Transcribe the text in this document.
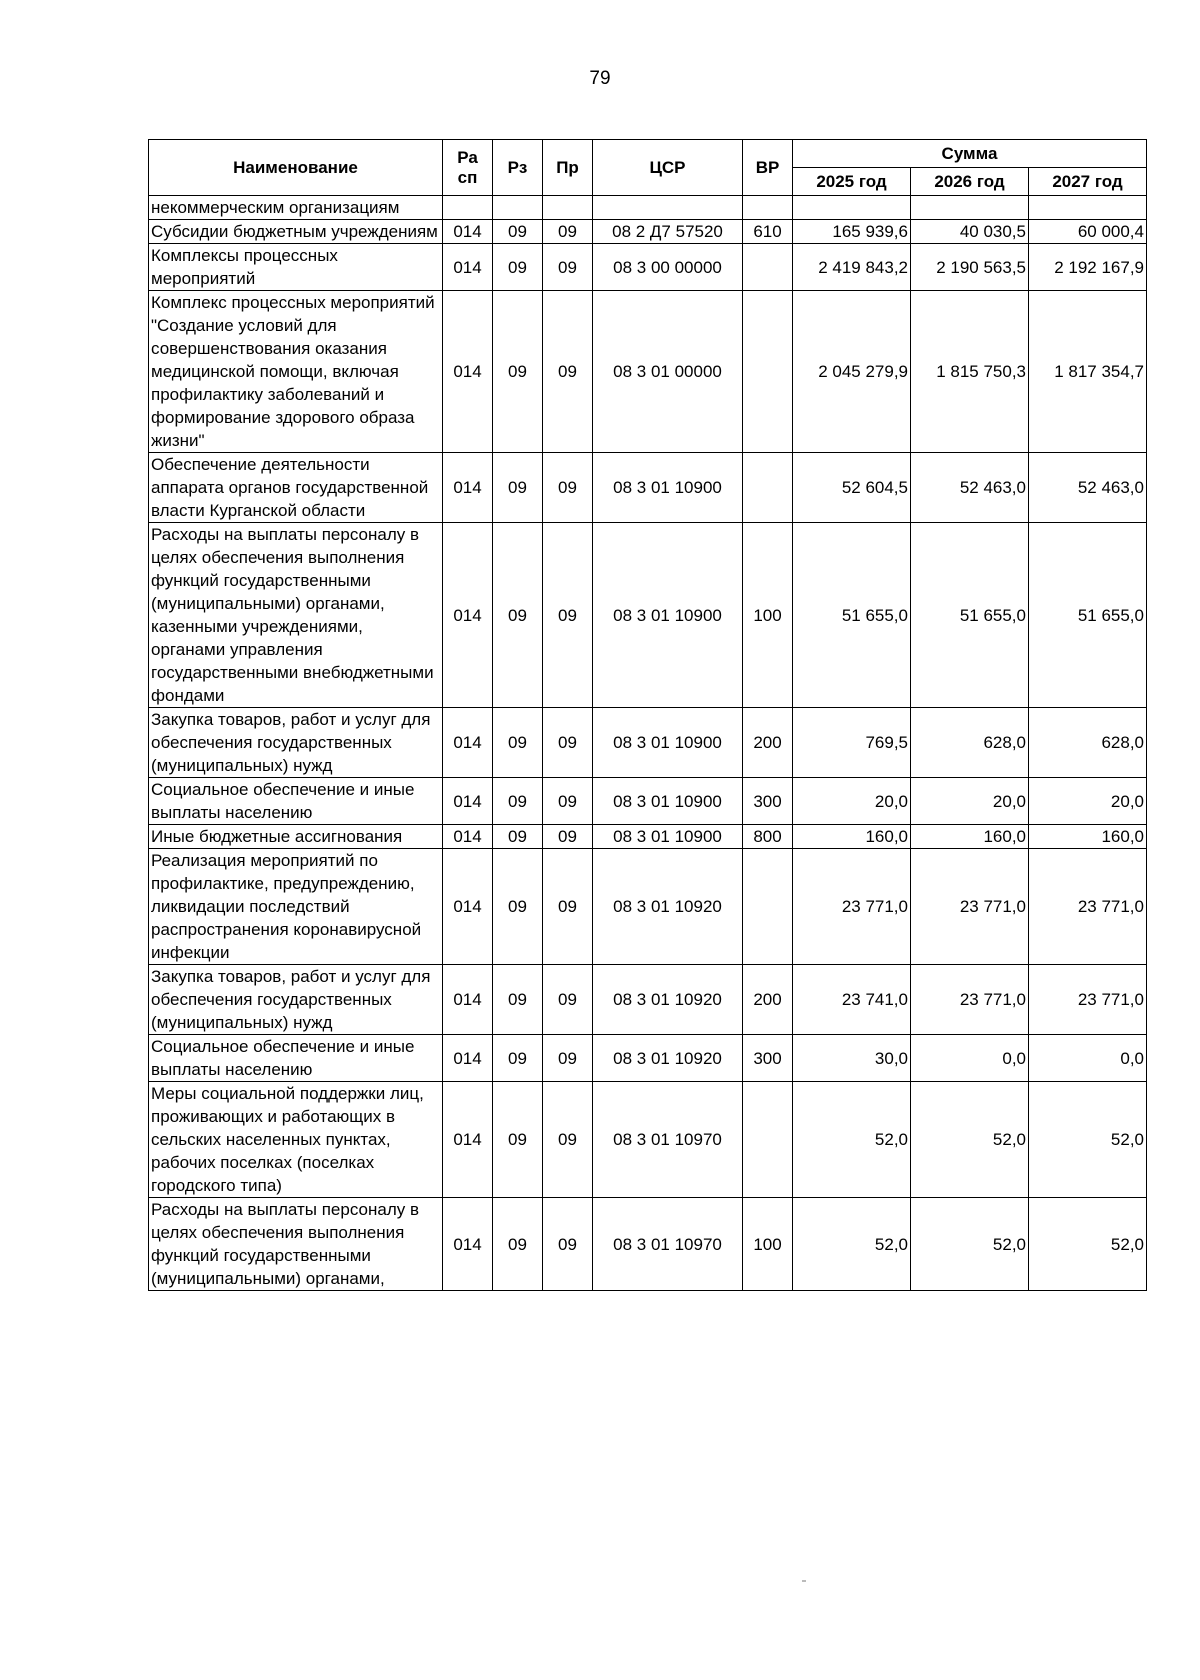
79
Наименование	Ра сп	Рз	Пр	ЦСР	ВР	Сумма		
						2025 год	2026 год	2027 год
некоммерческим организациям								
Субсидии бюджетным учреждениям	014	09	09	08 2 Д7 57520	610	165 939,6	40 030,5	60 000,4
Комплексы процессных мероприятий	014	09	09	08 3 00 00000		2 419 843,2	2 190 563,5	2 192 167,9
Комплекс процессных мероприятий "Создание условий для совершенствования оказания медицинской помощи, включая профилактику заболеваний и формирование здорового образа жизни"	014	09	09	08 3 01 00000		2 045 279,9	1 815 750,3	1 817 354,7
Обеспечение деятельности аппарата органов государственной власти Курганской области	014	09	09	08 3 01 10900		52 604,5	52 463,0	52 463,0
Расходы на выплаты персоналу в целях обеспечения выполнения функций государственными (муниципальными) органами, казенными учреждениями, органами управления государственными внебюджетными фондами	014	09	09	08 3 01 10900	100	51 655,0	51 655,0	51 655,0
Закупка товаров, работ и услуг для обеспечения государственных (муниципальных) нужд	014	09	09	08 3 01 10900	200	769,5	628,0	628,0
Социальное обеспечение и иные выплаты населению	014	09	09	08 3 01 10900	300	20,0	20,0	20,0
Иные бюджетные ассигнования	014	09	09	08 3 01 10900	800	160,0	160,0	160,0
Реализация мероприятий по профилактике, предупреждению, ликвидации последствий распространения коронавирусной инфекции	014	09	09	08 3 01 10920		23 771,0	23 771,0	23 771,0
Закупка товаров, работ и услуг для обеспечения государственных (муниципальных) нужд	014	09	09	08 3 01 10920	200	23 741,0	23 771,0	23 771,0
Социальное обеспечение и иные выплаты населению	014	09	09	08 3 01 10920	300	30,0	0,0	0,0
Меры социальной поддержки лиц, проживающих и работающих в сельских населенных пунктах, рабочих поселках (поселках городского типа)	014	09	09	08 3 01 10970		52,0	52,0	52,0
Расходы на выплаты персоналу в целях обеспечения выполнения функций государственными (муниципальными) органами,	014	09	09	08 3 01 10970	100	52,0	52,0	52,0
